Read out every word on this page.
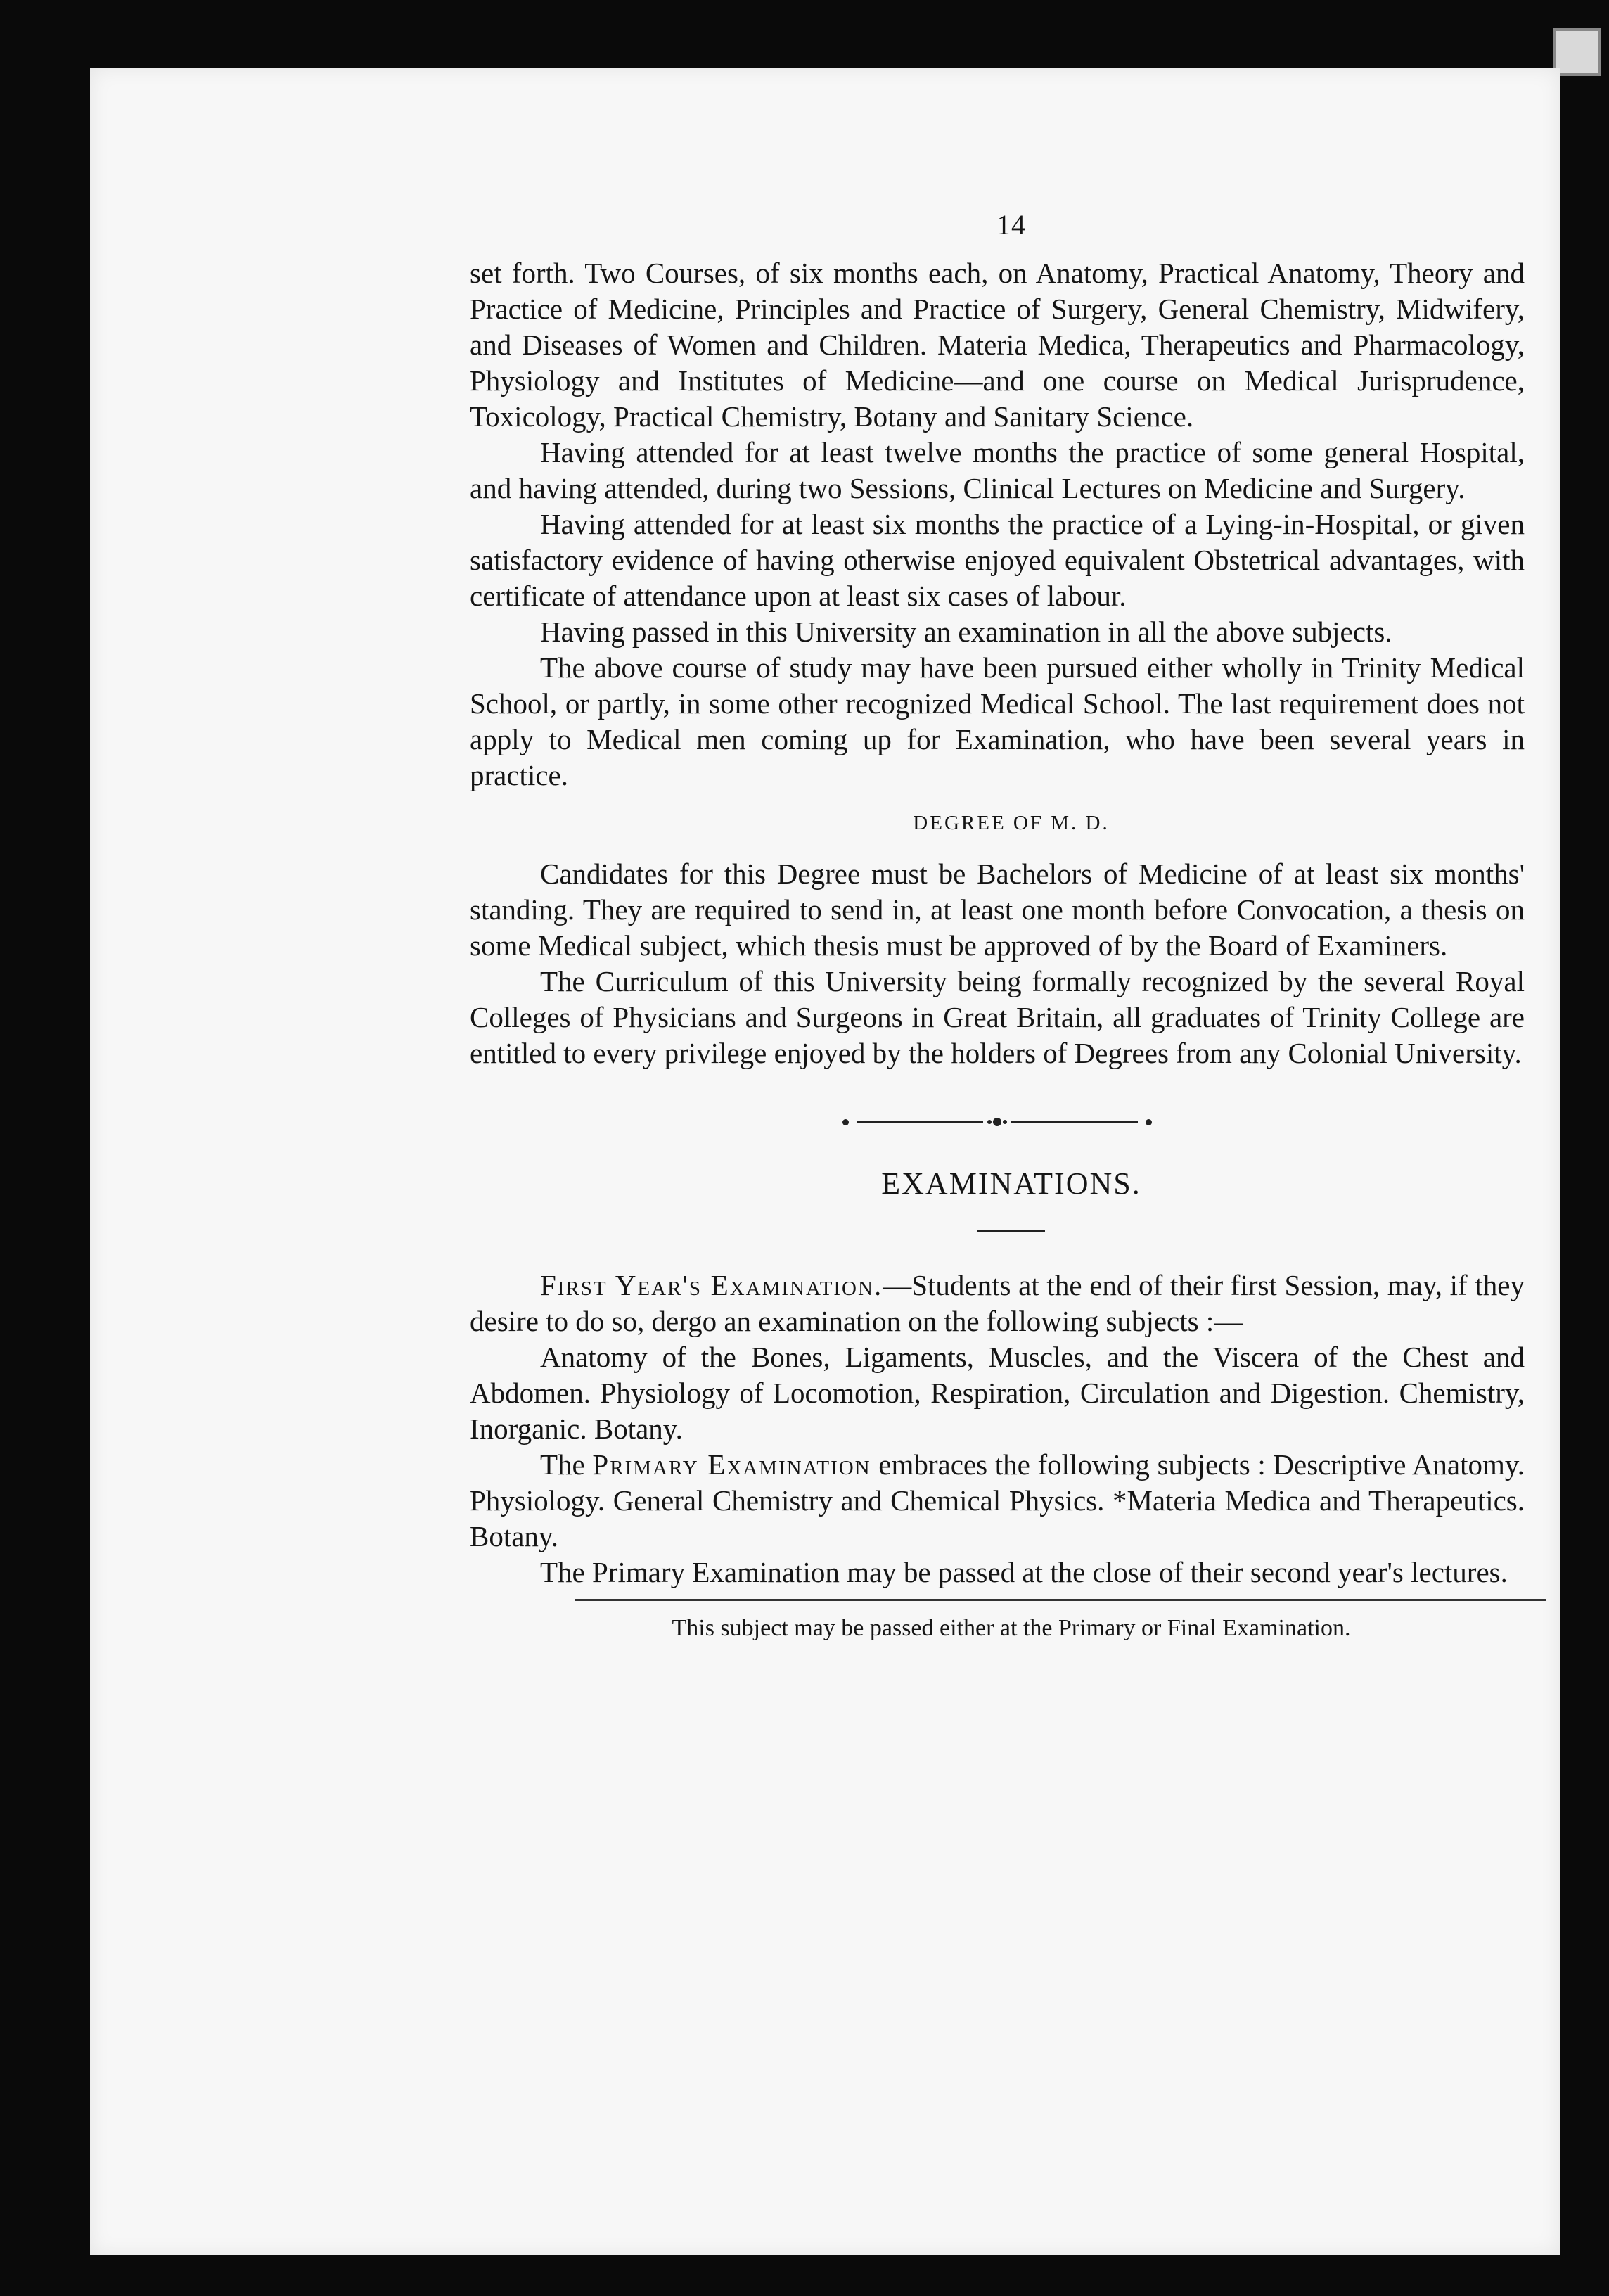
14

set forth. Two Courses, of six months each, on Anatomy, Practical Anatomy, Theory and Practice of Medicine, Principles and Practice of Surgery, General Chemistry, Midwifery, and Diseases of Women and Children. Materia Medica, Therapeutics and Pharmacology, Physiology and Institutes of Medicine—and one course on Medical Jurisprudence, Toxicology, Practical Chemistry, Botany and Sanitary Science.

Having attended for at least twelve months the practice of some general Hospital, and having attended, during two Sessions, Clinical Lectures on Medicine and Surgery.

Having attended for at least six months the practice of a Lying-in-Hospital, or given satisfactory evidence of having otherwise enjoyed equivalent Obstetrical advantages, with certificate of attendance upon at least six cases of labour.

Having passed in this University an examination in all the above subjects.

The above course of study may have been pursued either wholly in Trinity Medical School, or partly, in some other recognized Medical School. The last requirement does not apply to Medical men coming up for Examination, who have been several years in practice.

DEGREE OF M. D.

Candidates for this Degree must be Bachelors of Medicine of at least six months' standing. They are required to send in, at least one month before Convocation, a thesis on some Medical subject, which thesis must be approved of by the Board of Examiners.

The Curriculum of this University being formally recognized by the several Royal Colleges of Physicians and Surgeons in Great Britain, all graduates of Trinity College are entitled to every privilege enjoyed by the holders of Degrees from any Colonial University.

EXAMINATIONS.

First Year's Examination.—Students at the end of their first Session, may, if they desire to do so, dergo an examination on the following subjects :—

Anatomy of the Bones, Ligaments, Muscles, and the Viscera of the Chest and Abdomen. Physiology of Locomotion, Respiration, Circulation and Digestion. Chemistry, Inorganic. Botany.

The Primary Examination embraces the following subjects : Descriptive Anatomy. Physiology. General Chemistry and Chemical Physics. *Materia Medica and Therapeutics. Botany.

The Primary Examination may be passed at the close of their second year's lectures.

This subject may be passed either at the Primary or Final Examination.
